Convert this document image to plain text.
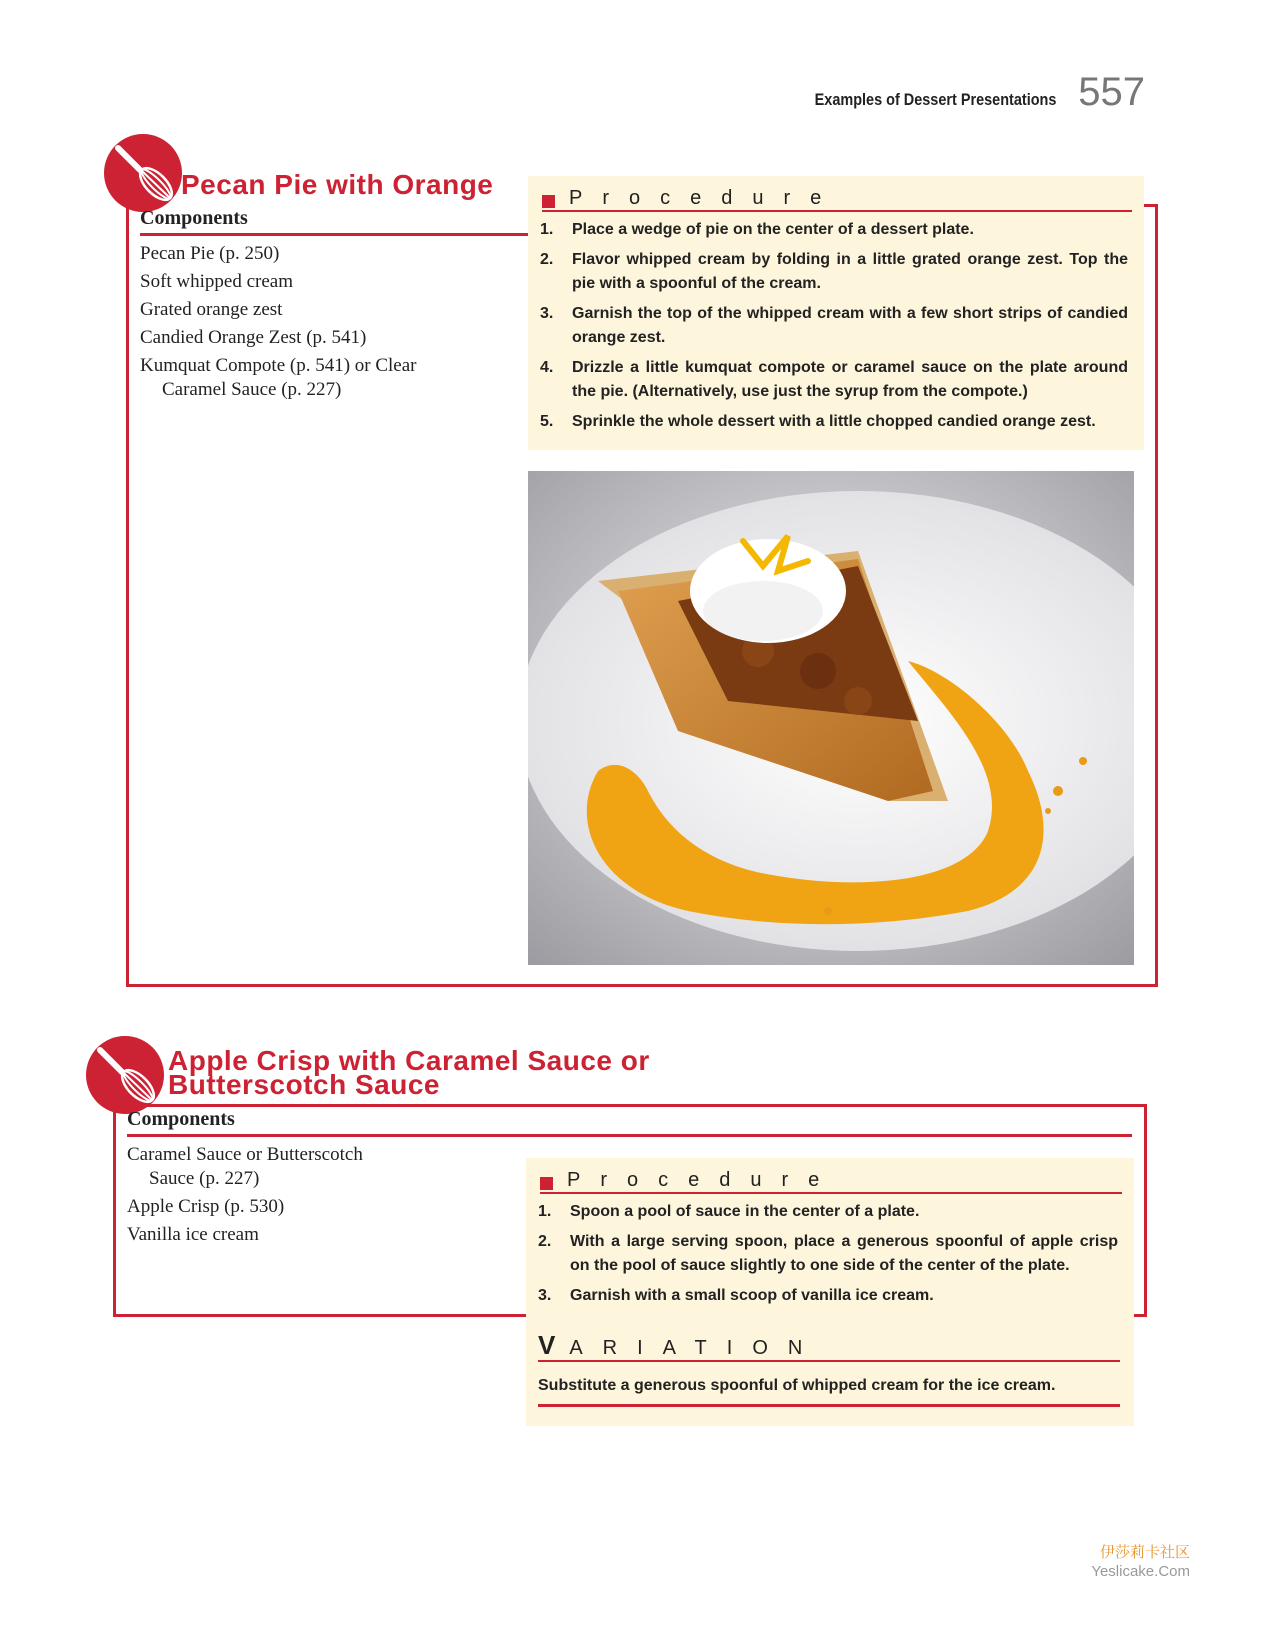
Examples of Dessert Presentations 557
Pecan Pie with Orange
Components
Pecan Pie (p. 250)
Soft whipped cream
Grated orange zest
Candied Orange Zest (p. 541)
Kumquat Compote (p. 541) or Clear Caramel Sauce (p. 227)
Procedure
1.	Place a wedge of pie on the center of a dessert plate.
2.	Flavor whipped cream by folding in a little grated orange zest. Top the pie with a spoonful of the cream.
3.	Garnish the top of the whipped cream with a few short strips of candied orange zest.
4.	Drizzle a little kumquat compote or caramel sauce on the plate around the pie. (Alternatively, use just the syrup from the compote.)
5.	Sprinkle the whole dessert with a little chopped candied orange zest.
Apple Crisp with Caramel Sauce or
Butterscotch Sauce
Components
Caramel Sauce or Butterscotch Sauce (p. 227)
Apple Crisp (p. 530)
Vanilla ice cream
Procedure
1.	Spoon a pool of sauce in the center of a plate.
2.	With a large serving spoon, place a generous spoonful of apple crisp on the pool of sauce slightly to one side of the center of the plate.
3.	Garnish with a small scoop of vanilla ice cream.
VARIATION
Substitute a generous spoonful of whipped cream for the ice cream.
伊莎莉卡社区
Yeslicake.Com
